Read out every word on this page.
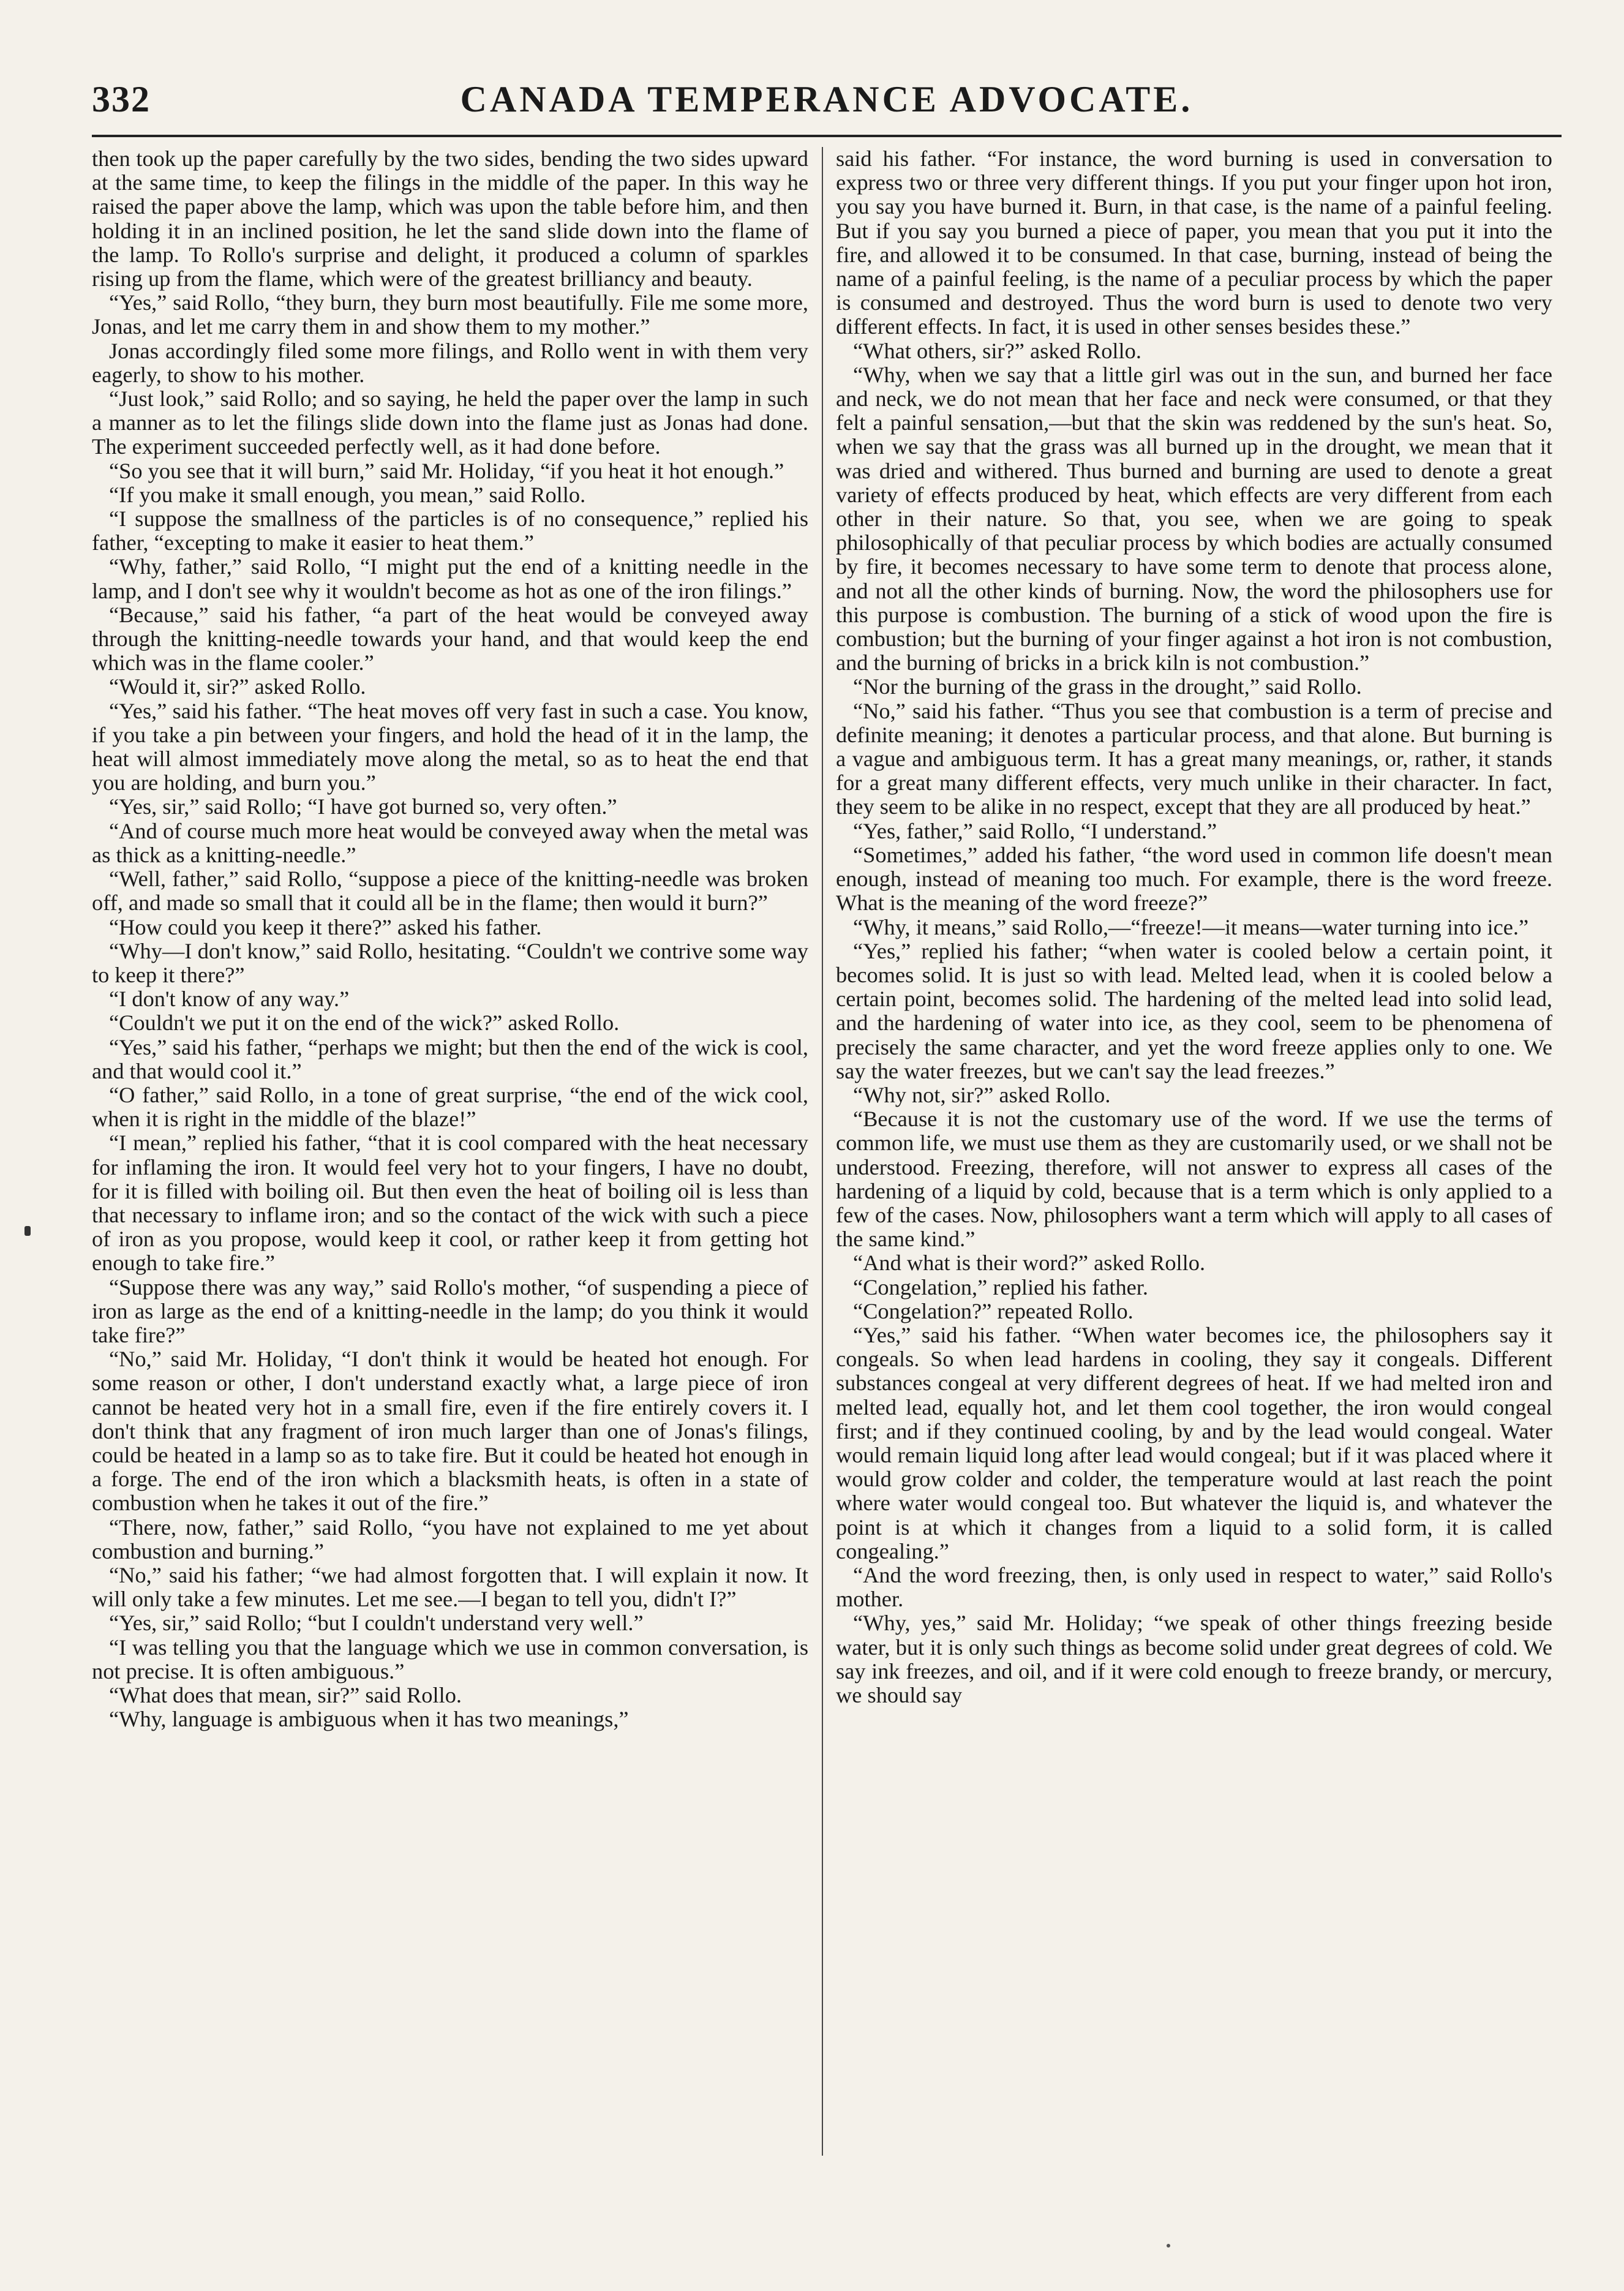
332	CANADA TEMPERANCE ADVOCATE.

then took up the paper carefully by the two sides, bending the two sides upward at the same time, to keep the filings in the middle of the paper. In this way he raised the paper above the lamp, which was upon the table before him, and then holding it in an inclined position, he let the sand slide down into the flame of the lamp. To Rollo's surprise and delight, it produced a column of sparkles rising up from the flame, which were of the greatest brilliancy and beauty.

“Yes,” said Rollo, “they burn, they burn most beautifully. File me some more, Jonas, and let me carry them in and show them to my mother.”

Jonas accordingly filed some more filings, and Rollo went in with them very eagerly, to show to his mother.

“Just look,” said Rollo; and so saying, he held the paper over the lamp in such a manner as to let the filings slide down into the flame just as Jonas had done. The experiment succeeded perfectly well, as it had done before.

“So you see that it will burn,” said Mr. Holiday, “if you heat it hot enough.”

“If you make it small enough, you mean,” said Rollo.

“I suppose the smallness of the particles is of no consequence,” replied his father, “excepting to make it easier to heat them.”

“Why, father,” said Rollo, “I might put the end of a knitting needle in the lamp, and I don't see why it wouldn't become as hot as one of the iron filings.”

“Because,” said his father, “a part of the heat would be conveyed away through the knitting-needle towards your hand, and that would keep the end which was in the flame cooler.”

“Would it, sir?” asked Rollo.

“Yes,” said his father. “The heat moves off very fast in such a case. You know, if you take a pin between your fingers, and hold the head of it in the lamp, the heat will almost immediately move along the metal, so as to heat the end that you are holding, and burn you.”

“Yes, sir,” said Rollo; “I have got burned so, very often.”

“And of course much more heat would be conveyed away when the metal was as thick as a knitting-needle.”

“Well, father,” said Rollo, “suppose a piece of the knitting-needle was broken off, and made so small that it could all be in the flame; then would it burn?”

“How could you keep it there?” asked his father.

“Why—I don't know,” said Rollo, hesitating. “Couldn't we contrive some way to keep it there?”

“I don't know of any way.”

“Couldn't we put it on the end of the wick?” asked Rollo.

“Yes,” said his father, “perhaps we might; but then the end of the wick is cool, and that would cool it.”

“O father,” said Rollo, in a tone of great surprise, “the end of the wick cool, when it is right in the middle of the blaze!”

“I mean,” replied his father, “that it is cool compared with the heat necessary for inflaming the iron. It would feel very hot to your fingers, I have no doubt, for it is filled with boiling oil. But then even the heat of boiling oil is less than that necessary to inflame iron; and so the contact of the wick with such a piece of iron as you propose, would keep it cool, or rather keep it from getting hot enough to take fire.”

“Suppose there was any way,” said Rollo's mother, “of suspending a piece of iron as large as the end of a knitting-needle in the lamp; do you think it would take fire?”

“No,” said Mr. Holiday, “I don't think it would be heated hot enough. For some reason or other, I don't understand exactly what, a large piece of iron cannot be heated very hot in a small fire, even if the fire entirely covers it. I don't think that any fragment of iron much larger than one of Jonas's filings, could be heated in a lamp so as to take fire. But it could be heated hot enough in a forge. The end of the iron which a blacksmith heats, is often in a state of combustion when he takes it out of the fire.”

“There, now, father,” said Rollo, “you have not explained to me yet about combustion and burning.”

“No,” said his father; “we had almost forgotten that. I will explain it now. It will only take a few minutes. Let me see.—I began to tell you, didn't I?”

“Yes, sir,” said Rollo; “but I couldn't understand very well.”

“I was telling you that the language which we use in common conversation, is not precise. It is often ambiguous.”

“What does that mean, sir?” said Rollo.

“Why, language is ambiguous when it has two meanings,”

said his father. “For instance, the word burning is used in conversation to express two or three very different things. If you put your finger upon hot iron, you say you have burned it. Burn, in that case, is the name of a painful feeling. But if you say you burned a piece of paper, you mean that you put it into the fire, and allowed it to be consumed. In that case, burning, instead of being the name of a painful feeling, is the name of a peculiar process by which the paper is consumed and destroyed. Thus the word burn is used to denote two very different effects. In fact, it is used in other senses besides these.”

“What others, sir?” asked Rollo.

“Why, when we say that a little girl was out in the sun, and burned her face and neck, we do not mean that her face and neck were consumed, or that they felt a painful sensation,—but that the skin was reddened by the sun's heat. So, when we say that the grass was all burned up in the drought, we mean that it was dried and withered. Thus burned and burning are used to denote a great variety of effects produced by heat, which effects are very different from each other in their nature. So that, you see, when we are going to speak philosophically of that peculiar process by which bodies are actually consumed by fire, it becomes necessary to have some term to denote that process alone, and not all the other kinds of burning. Now, the word the philosophers use for this purpose is combustion. The burning of a stick of wood upon the fire is combustion; but the burning of your finger against a hot iron is not combustion, and the burning of bricks in a brick kiln is not combustion.”

“Nor the burning of the grass in the drought,” said Rollo.

“No,” said his father. “Thus you see that combustion is a term of precise and definite meaning; it denotes a particular process, and that alone. But burning is a vague and ambiguous term. It has a great many meanings, or, rather, it stands for a great many different effects, very much unlike in their character. In fact, they seem to be alike in no respect, except that they are all produced by heat.”

“Yes, father,” said Rollo, “I understand.”

“Sometimes,” added his father, “the word used in common life doesn't mean enough, instead of meaning too much. For example, there is the word freeze. What is the meaning of the word freeze?”

“Why, it means,” said Rollo,—“freeze!—it means—water turning into ice.”

“Yes,” replied his father; “when water is cooled below a certain point, it becomes solid. It is just so with lead. Melted lead, when it is cooled below a certain point, becomes solid. The hardening of the melted lead into solid lead, and the hardening of water into ice, as they cool, seem to be phenomena of precisely the same character, and yet the word freeze applies only to one. We say the water freezes, but we can't say the lead freezes.”

“Why not, sir?” asked Rollo.

“Because it is not the customary use of the word. If we use the terms of common life, we must use them as they are customarily used, or we shall not be understood. Freezing, therefore, will not answer to express all cases of the hardening of a liquid by cold, because that is a term which is only applied to a few of the cases. Now, philosophers want a term which will apply to all cases of the same kind.”

“And what is their word?” asked Rollo.

“Congelation,” replied his father.

“Congelation?” repeated Rollo.

“Yes,” said his father. “When water becomes ice, the philosophers say it congeals. So when lead hardens in cooling, they say it congeals. Different substances congeal at very different degrees of heat. If we had melted iron and melted lead, equally hot, and let them cool together, the iron would congeal first; and if they continued cooling, by and by the lead would congeal. Water would remain liquid long after lead would congeal; but if it was placed where it would grow colder and colder, the temperature would at last reach the point where water would congeal too. But whatever the liquid is, and whatever the point is at which it changes from a liquid to a solid form, it is called congealing.”

“And the word freezing, then, is only used in respect to water,” said Rollo's mother.

“Why, yes,” said Mr. Holiday; “we speak of other things freezing beside water, but it is only such things as become solid under great degrees of cold. We say ink freezes, and oil, and if it were cold enough to freeze brandy, or mercury, we should say
